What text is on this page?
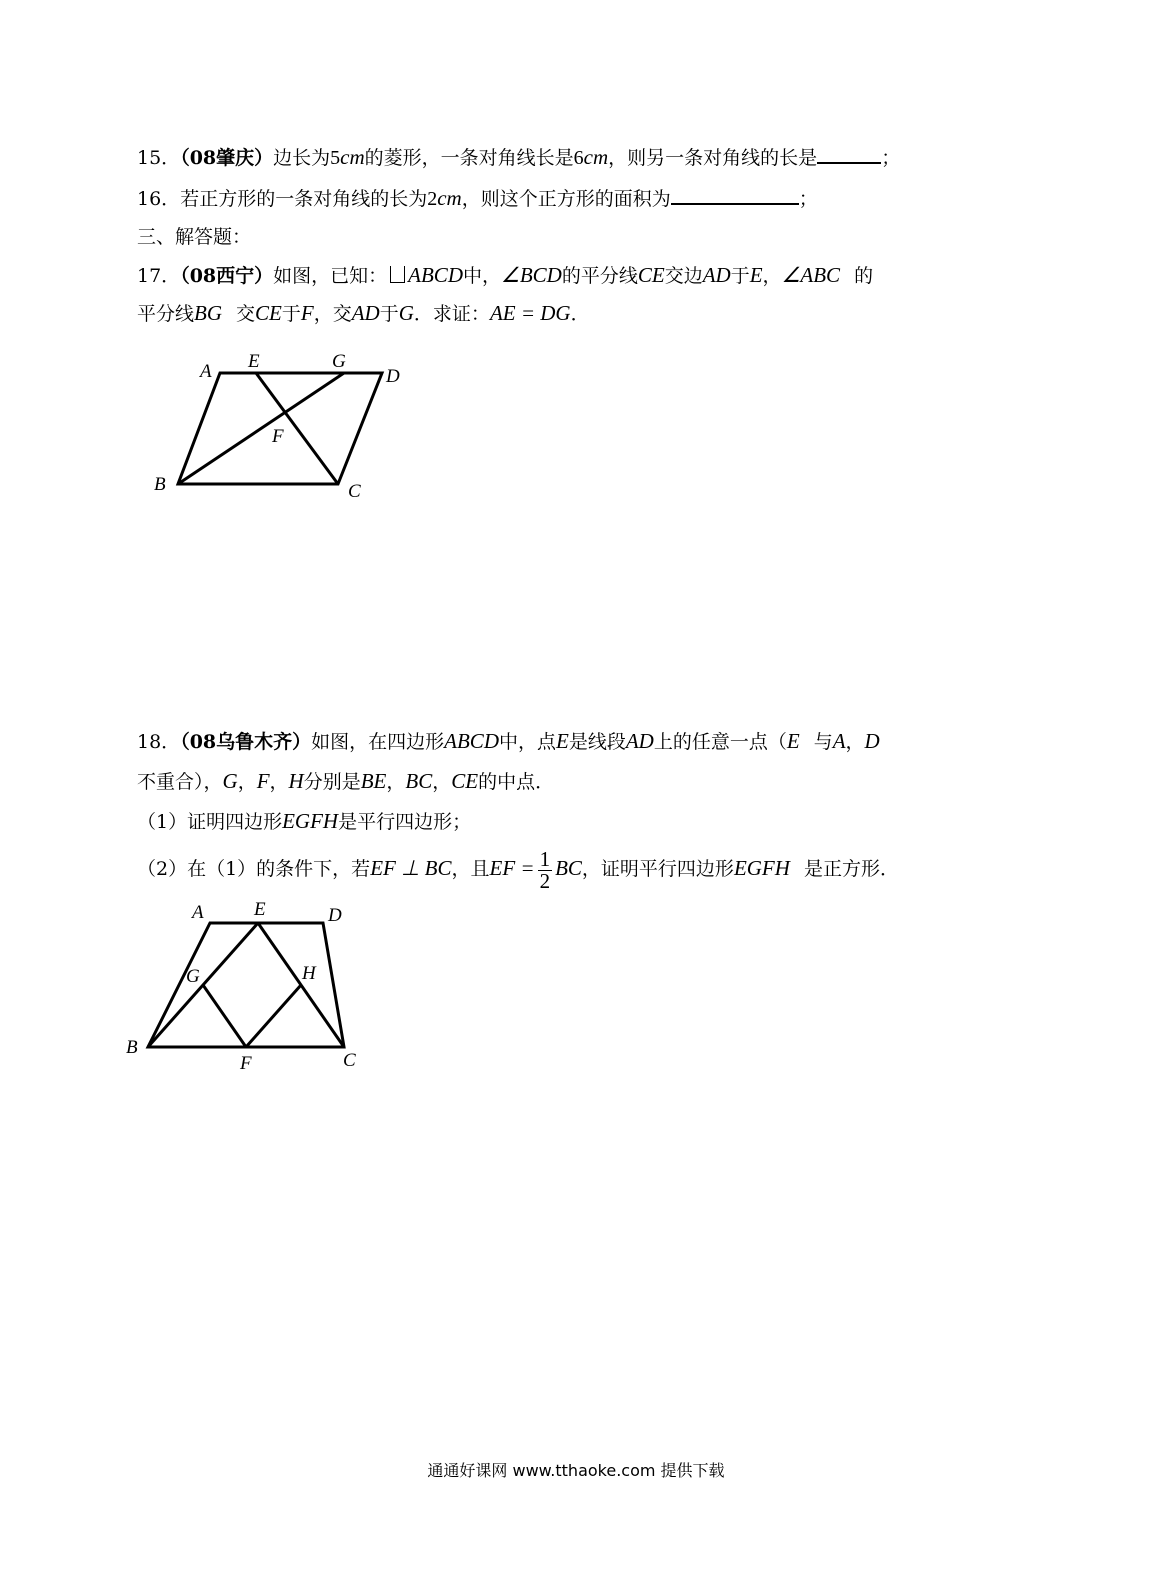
15．（08肇庆）边长为5cm的菱形，一条对角线长是6cm，则另一条对角线的长是	；
16．若正方形的一条对角线的长为2cm，则这个正方形的面积为	；
三、解答题：
17．（08西宁）如图，已知： ABCD中，∠BCD的平分线CE交边AD于E，∠ABC 的
平分线BG 交CE于F，交AD于G．求证：AE = DG．
A E	G
D
F
B	C
18．（08乌鲁木齐）如图，在四边形ABCD中，点E是线段AD上的任意一点（E 与A，D
不重合），G，F，H分别是BE，BC，CE的中点．
（1）证明四边形EGFH是平行四边形；
（2）在（1）的条件下，若EF ⊥ BC，且EF = $\frac{1}{2}$ BC，证明平行四边形EGFH 是正方形．
A	E	D
G	H
B
F	C
通通好课网 www.tthaoke.com 提供下载
